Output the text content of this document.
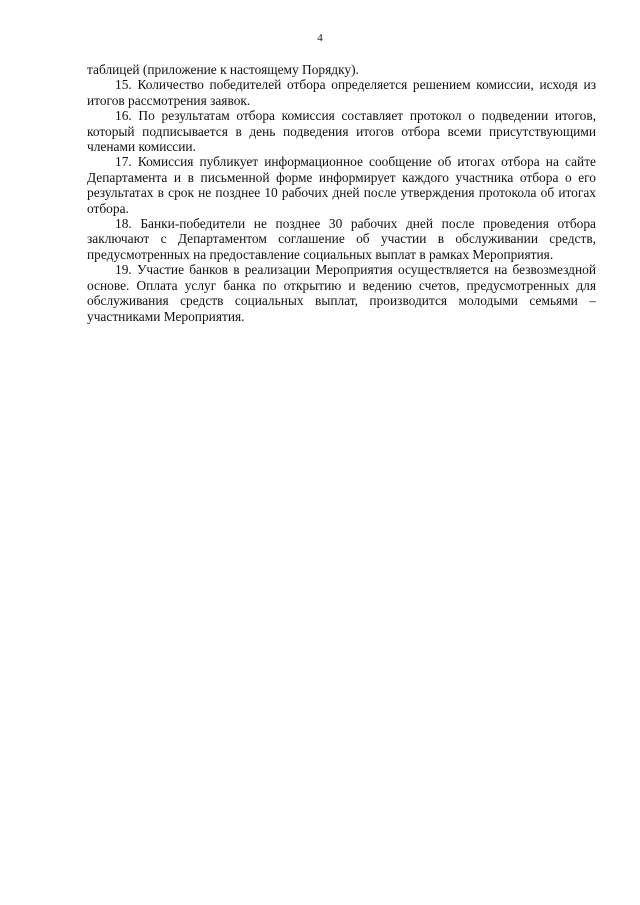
4

таблицей (приложение к настоящему Порядку).

15. Количество победителей отбора определяется решением комиссии, исходя из итогов рассмотрения заявок.

16. По результатам отбора комиссия составляет протокол о подведении итогов, который подписывается в день подведения итогов отбора всеми присутствующими членами комиссии.

17. Комиссия публикует информационное сообщение об итогах отбора на сайте Департамента и в письменной форме информирует каждого участника отбора о его результатах в срок не позднее 10 рабочих дней после утверждения протокола об итогах отбора.

18. Банки-победители не позднее 30 рабочих дней после проведения отбора заключают с Департаментом соглашение об участии в обслуживании средств, предусмотренных на предоставление социальных выплат в рамках Мероприятия.

19. Участие банков в реализации Мероприятия осуществляется на безвозмездной основе. Оплата услуг банка по открытию и ведению счетов, предусмотренных для обслуживания средств социальных выплат, производится молодыми семьями – участниками Мероприятия.
